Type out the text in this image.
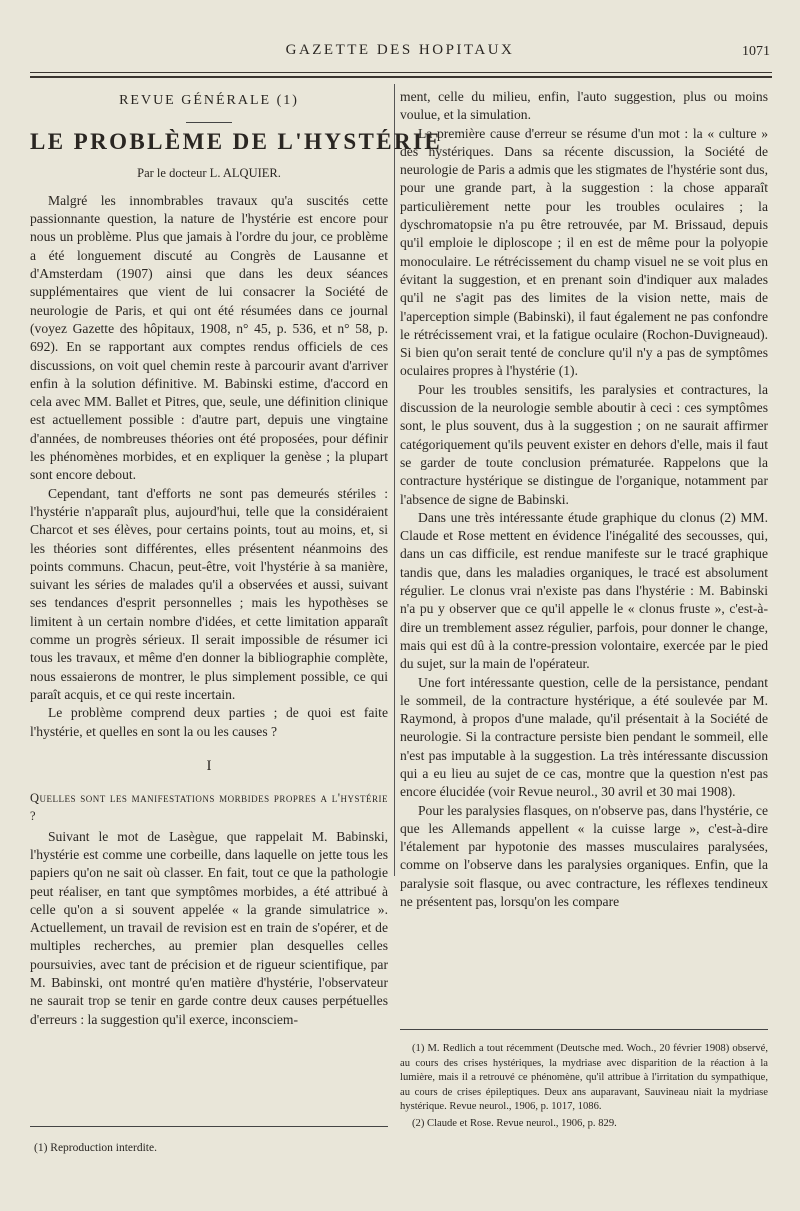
GAZETTE DES HOPITAUX	1071
REVUE GÉNÉRALE (1)
LE PROBLÈME DE L'HYSTÉRIE
Par le docteur L. ALQUIER.

Malgré les innombrables travaux qu'a suscités cette passionnante question, la nature de l'hystérie est encore pour nous un problème. Plus que jamais à l'ordre du jour, ce problème a été longuement discuté au Congrès de Lausanne et d'Amsterdam (1907) ainsi que dans les deux séances supplémentaires que vient de lui consacrer la Société de neurologie de Paris, et qui ont été résumées dans ce journal (voyez Gazette des hôpitaux, 1908, n° 45, p. 536, et n° 58, p. 692). En se rapportant aux comptes rendus officiels de ces discussions, on voit quel chemin reste à parcourir avant d'arriver enfin à la solution définitive. M. Babinski estime, d'accord en cela avec MM. Ballet et Pitres, que, seule, une définition clinique est actuellement possible : d'autre part, depuis une vingtaine d'années, de nombreuses théories ont été proposées, pour définir les phénomènes morbides, et en expliquer la genèse ; la plupart sont encore debout.

Cependant, tant d'efforts ne sont pas demeurés stériles : l'hystérie n'apparaît plus, aujourd'hui, telle que la considéraient Charcot et ses élèves, pour certains points, tout au moins, et, si les théories sont différentes, elles présentent néanmoins des points communs. Chacun, peut-être, voit l'hystérie à sa manière, suivant les séries de malades qu'il a observées et aussi, suivant ses tendances d'esprit personnelles ; mais les hypothèses se limitent à un certain nombre d'idées, et cette limitation apparaît comme un progrès sérieux. Il serait impossible de résumer ici tous les travaux, et même d'en donner la bibliographie complète, nous essaierons de montrer, le plus simplement possible, ce qui paraît acquis, et ce qui reste incertain.

Le problème comprend deux parties ; de quoi est faite l'hystérie, et quelles en sont la ou les causes ?

I
Quelles sont les manifestations morbides propres a l'hystérie ?

Suivant le mot de Lasègue, que rappelait M. Babinski, l'hystérie est comme une corbeille, dans laquelle on jette tous les papiers qu'on ne sait où classer. En fait, tout ce que la pathologie peut réaliser, en tant que symptômes morbides, a été attribué à celle qu'on a si souvent appelée « la grande simulatrice ». Actuellement, un travail de revision est en train de s'opérer, et de multiples recherches, au premier plan desquelles celles poursuivies, avec tant de précision et de rigueur scientifique, par M. Babinski, ont montré qu'en matière d'hystérie, l'observateur ne saurait trop se tenir en garde contre deux causes perpétuelles d'erreurs : la suggestion qu'il exerce, inconsciem-

(1) Reproduction interdite.

ment, celle du milieu, enfin, l'auto suggestion, plus ou moins voulue, et la simulation.

La première cause d'erreur se résume d'un mot : la « culture » des hystériques. Dans sa récente discussion, la Société de neurologie de Paris a admis que les stigmates de l'hystérie sont dus, pour une grande part, à la suggestion : la chose apparaît particulièrement nette pour les troubles oculaires ; la dyschromatopsie n'a pu être retrouvée, par M. Brissaud, depuis qu'il emploie le diploscope ; il en est de même pour la polyopie monoculaire. Le rétrécissement du champ visuel ne se voit plus en évitant la suggestion, et en prenant soin d'indiquer aux malades qu'il ne s'agit pas des limites de la vision nette, mais de l'aperception simple (Babinski), il faut également ne pas confondre le rétrécissement vrai, et la fatigue oculaire (Rochon-Duvigneaud). Si bien qu'on serait tenté de conclure qu'il n'y a pas de symptômes oculaires propres à l'hystérie (1).

Pour les troubles sensitifs, les paralysies et contractures, la discussion de la neurologie semble aboutir à ceci : ces symptômes sont, le plus souvent, dus à la suggestion ; on ne saurait affirmer catégoriquement qu'ils peuvent exister en dehors d'elle, mais il faut se garder de toute conclusion prématurée. Rappelons que la contracture hystérique se distingue de l'organique, notamment par l'absence de signe de Babinski.

Dans une très intéressante étude graphique du clonus (2) MM. Claude et Rose mettent en évidence l'inégalité des secousses, qui, dans un cas difficile, est rendue manifeste sur le tracé graphique tandis que, dans les maladies organiques, le tracé est absolument régulier. Le clonus vrai n'existe pas dans l'hystérie : M. Babinski n'a pu y observer que ce qu'il appelle le « clonus fruste », c'est-à-dire un tremblement assez régulier, parfois, pour donner le change, mais qui est dû à la contre-pression volontaire, exercée par le pied du sujet, sur la main de l'opérateur.

Une fort intéressante question, celle de la persistance, pendant le sommeil, de la contracture hystérique, a été soulevée par M. Raymond, à propos d'une malade, qu'il présentait à la Société de neurologie. Si la contracture persiste bien pendant le sommeil, elle n'est pas imputable à la suggestion. La très intéressante discussion qui a eu lieu au sujet de ce cas, montre que la question n'est pas encore élucidée (voir Revue neurol., 30 avril et 30 mai 1908).

Pour les paralysies flasques, on n'observe pas, dans l'hystérie, ce que les Allemands appellent « la cuisse large », c'est-à-dire l'étalement par hypotonie des masses musculaires paralysées, comme on l'observe dans les paralysies organiques. Enfin, que la paralysie soit flasque, ou avec contracture, les réflexes tendineux ne présentent pas, lorsqu'on les compare

(1) M. Redlich a tout récemment (Deutsche med. Woch., 20 février 1908) observé, au cours des crises hystériques, la mydriase avec disparition de la réaction à la lumière, mais il a retrouvé ce phénomène, qu'il attribue à l'irritation du sympathique, au cours de crises épileptiques. Deux ans auparavant, Sauvineau niait la mydriase hystérique. Revue neurol., 1906, p. 1017, 1086.

(2) Claude et Rose. Revue neurol., 1906, p. 829.
